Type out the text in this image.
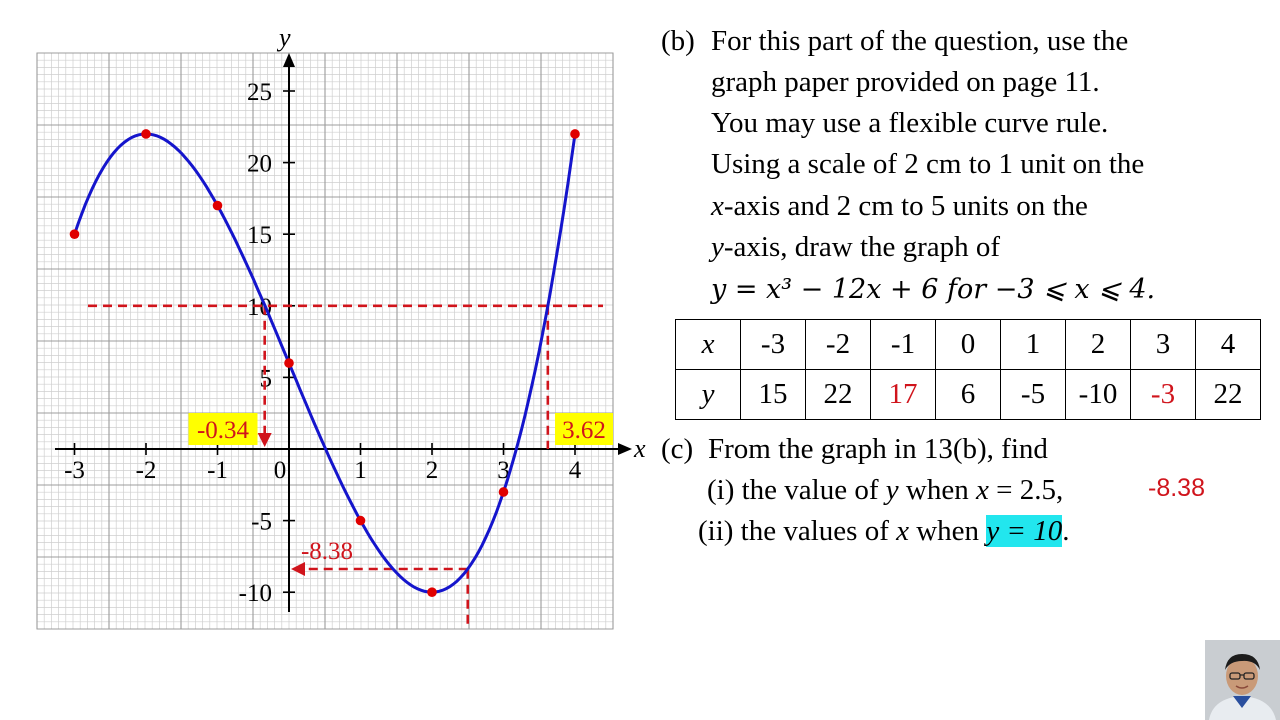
x
y
-3 -2 -1 0	1 2 3 4
-10
-5
5
10
15
20
25
-0.34	3.62
-8.38
(b) For this part of the question, use the
graph paper provided on page 11.
You may use a flexible curve rule.
Using a scale of 2 cm to 1 unit on the
x-axis and 2 cm to 5 units on the
y-axis, draw the graph of
y = x³ − 12x + 6 for −3 ⩽ x ⩽ 4.
x	-3	-2	-1	0	1	2	3	4
y	15	22	17	6	-5	-10	-3	22
(c) From the graph in 13(b), find
(i) the value of y when x = 2.5,	-8.38
(ii) the values of x when y = 10.
